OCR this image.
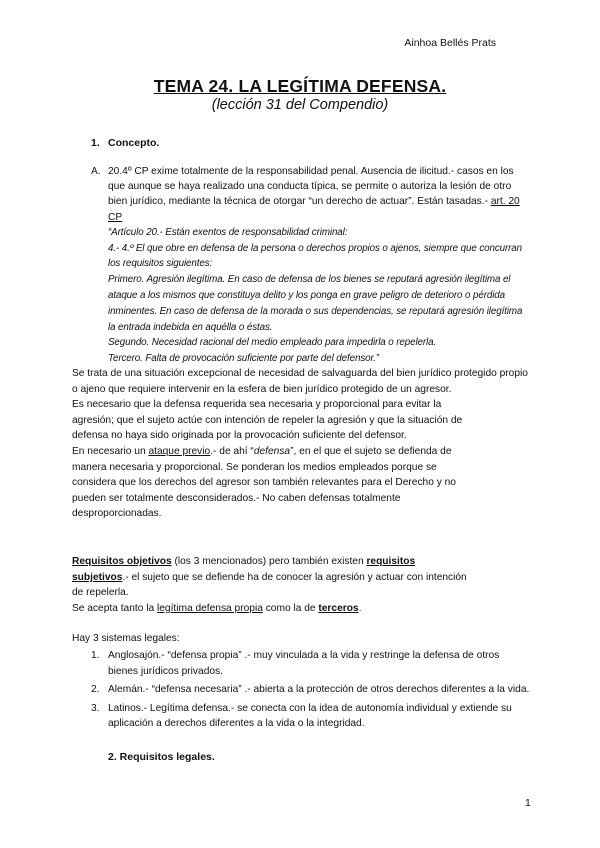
Ainhoa Bellés Prats
TEMA 24. LA LEGÍTIMA DEFENSA.
(lección 31 del Compendio)
1. Concepto.
A. 20.4º CP exime totalmente de la responsabilidad penal. Ausencia de ilicitud.- casos en los que aunque se haya realizado una conducta típica, se permite o autoriza la lesión de otro bien jurídico, mediante la técnica de otorgar “un derecho de actuar”. Están tasadas.- art. 20 CP
“Artículo 20.- Están exentos de responsabilidad criminal:
4.- 4.º El que obre en defensa de la persona o derechos propios o ajenos, siempre que concurran los requisitos siguientes:
Primero. Agresión ilegítima. En caso de defensa de los bienes se reputará agresión ilegítima el ataque a los mismos que constituya delito y los ponga en grave peligro de deterioro o pérdida inminentes. En caso de defensa de la morada o sus dependencias, se reputará agresión ilegítima la entrada indebida en aquélla o éstas.
Segundo. Necesidad racional del medio empleado para impedirla o repelerla.
Tercero. Falta de provocación suficiente por parte del defensor.”
Se trata de una situación excepcional de necesidad de salvaguarda del bien jurídico protegido propio o ajeno que requiere intervenir en la esfera de bien jurídico protegido de un agresor.
Es necesario que la defensa requerida sea necesaria y proporcional para evitar la agresión; que el sujeto actúe con intención de repeler la agresión y que la situación de defensa no haya sido originada por la provocación suficiente del defensor.
En necesario un ataque previo.- de ahí “defensa”, en el que el sujeto se defienda de manera necesaria y proporcional. Se ponderan los medios empleados porque se considera que los derechos del agresor son también relevantes para el Derecho y no pueden ser totalmente desconsiderados.- No caben defensas totalmente desproporcionadas.
Requisitos objetivos (los 3 mencionados) pero también existen requisitos subjetivos.- el sujeto que se defiende ha de conocer la agresión y actuar con intención de repelerla.
Se acepta tanto la legítima defensa propia como la de terceros.
Hay 3 sistemas legales:
1. Anglosajón.- “defensa propia” .- muy vinculada a la vida y restringe la defensa de otros bienes jurídicos privados.
2. Alemán.- “defensa necesaria” .- abierta a la protección de otros derechos diferentes a la vida.
3. Latinos.- Legítima defensa.- se conecta con la idea de autonomía individual y extiende su aplicación a derechos diferentes a la vida o la integridad.
2. Requisitos legales.
1
